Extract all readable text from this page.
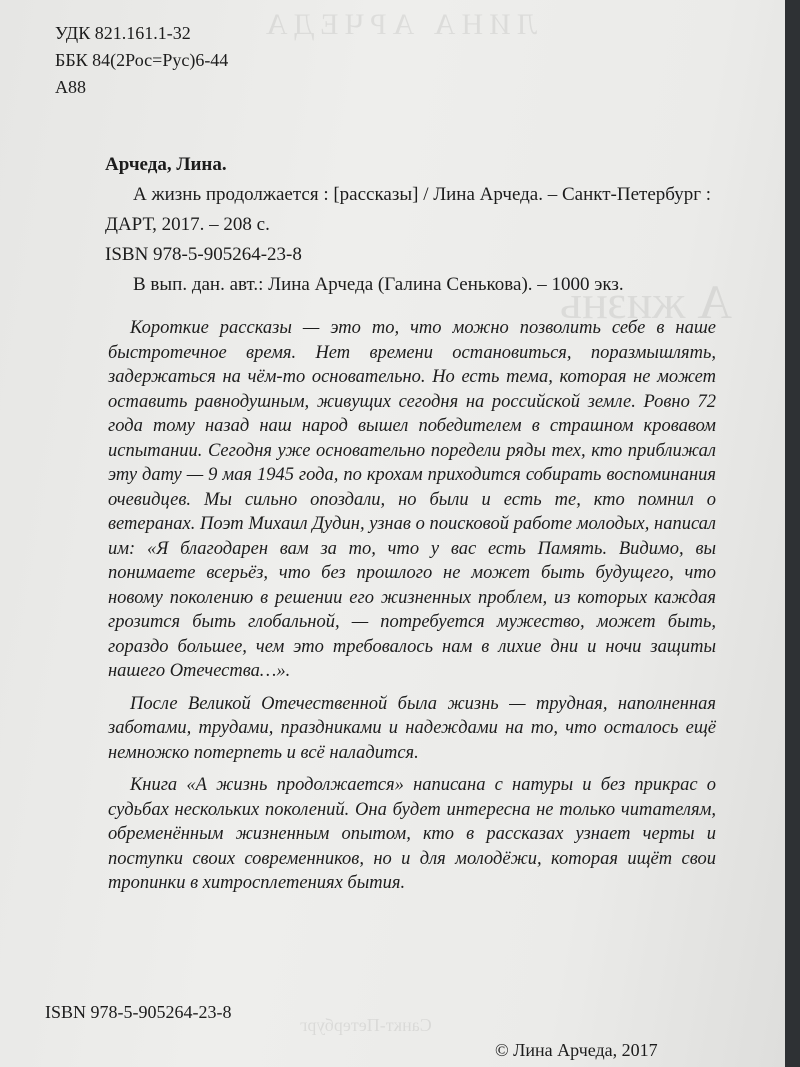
ЛИНА АРЧЕДА
А жизнь
Санкт-Петербург
УДК 821.161.1-32
ББК 84(2Рос=Рус)6-44
А88
Арчеда, Лина.
А жизнь продолжается : [рассказы] / Лина Арчеда. – Санкт-Петербург :
ДАРТ, 2017. – 208 с.
ISBN 978-5-905264-23-8
В вып. дан. авт.: Лина Арчеда (Галина Сенькова). – 1000 экз.

Короткие рассказы — это то, что можно позволить себе в наше быстротечное время. Нет времени остановиться, поразмышлять, задержаться на чём-то основательно. Но есть тема, которая не может оставить равнодушным, живущих сегодня на российской земле. Ровно 72 года тому назад наш народ вышел победителем в страшном кровавом испытании. Сегодня уже основательно поредели ряды тех, кто приближал эту дату — 9 мая 1945 года, по крохам приходится собирать воспоминания очевидцев. Мы сильно опоздали, но были и есть те, кто помнил о ветеранах. Поэт Михаил Дудин, узнав о поисковой работе молодых, написал им: «Я благодарен вам за то, что у вас есть Память. Видимо, вы понимаете всерьёз, что без прошлого не может быть будущего, что новому поколению в решении его жизненных проблем, из которых каждая грозится быть глобальной, — потребуется мужество, может быть, гораздо большее, чем это требовалось нам в лихие дни и ночи защиты нашего Отечества…».

После Великой Отечественной была жизнь — трудная, наполненная заботами, трудами, праздниками и надеждами на то, что осталось ещё немножко потерпеть и всё наладится.

Книга «А жизнь продолжается» написана с натуры и без прикрас о судьбах нескольких поколений. Она будет интересна не только читателям, обременённым жизненным опытом, кто в рассказах узнает черты и поступки своих современников, но и для молодёжи, которая ищёт свои тропинки в хитросплетениях бытия.

ISBN 978-5-905264-23-8
© Лина Арчеда, 2017
